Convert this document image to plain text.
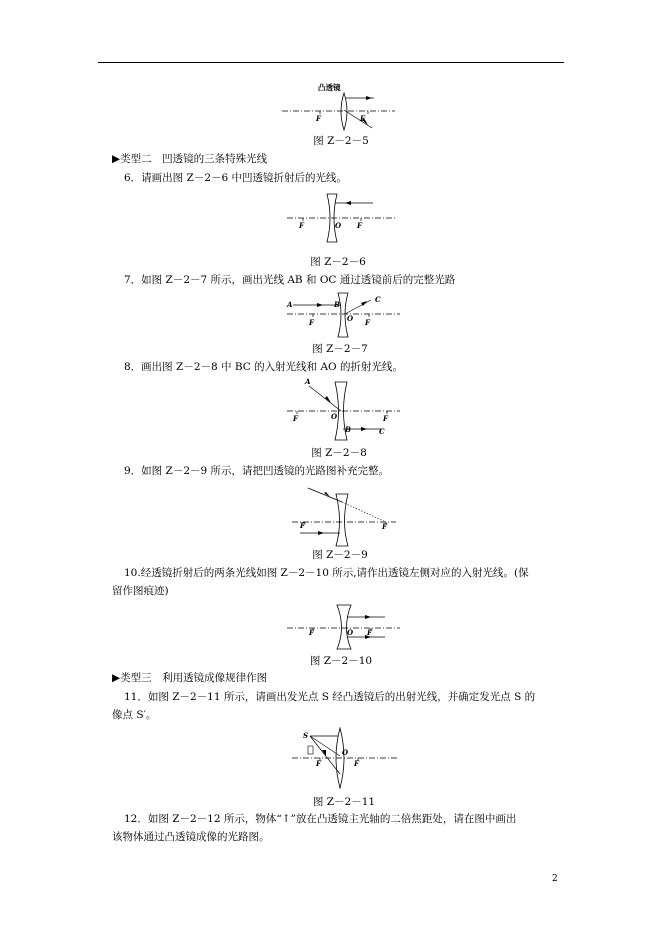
凸透镜
F	F
图 Z－2－5
▶类型二　凹透镜的三条特殊光线
6．请画出图 Z－2－6 中凹透镜折射后的光线。
F	O F
图 Z－2－6
7．如图 Z－2－7 所示，画出光线 AB 和 OC 通过透镜前后的完整光路
A	B
C
O
F	F
图 Z－2－7
8．画出图 Z－2－8 中 BC 的入射光线和 AO 的折射光线。
A
O
B	C
F	F
图 Z－2－8
9．如图 Z－2－9 所示，请把凹透镜的光路图补充完整。
F	F
图 Z－2－9
10.经透镜折射后的两条光线如图 Z－2－10 所示,请作出透镜左侧对应的入射光线。(保
留作图痕迹)
F	O F
图 Z－2－10
▶类型三　利用透镜成像规律作图
11．如图 Z－2－11 所示，请画出发光点 S 经凸透镜后的出射光线，并确定发光点 S 的
像点 S′。
S
F
O
F
图 Z－2－11
12．如图 Z－2－12 所示，物体“↑”放在凸透镜主光轴的二倍焦距处，请在图中画出
该物体通过凸透镜成像的光路图。
2
